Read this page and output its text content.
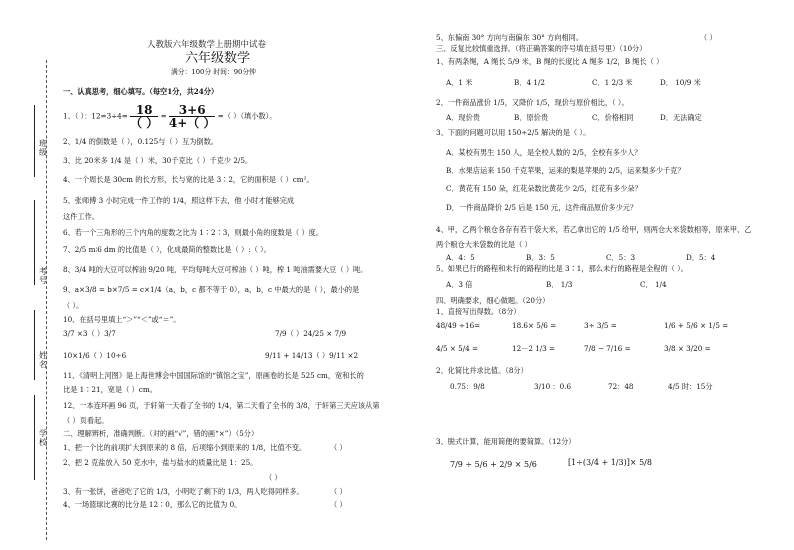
班级
考号
姓名
学校
人教版六年级数学上册期中试卷
六年级数学
满分：100分 时间：90分钟
一、认真思考，细心填写。（每空1分，共24分）
1、（ ）：$12=3\div 4= \frac{18}{( )} = \frac{3+6}{4+( )}$ =（ ）（填小数）。
2、1/4 的倒数是（ ），0.125与（ ）互为倒数。
3、比 20米多 1/4 是（ ）米，30千克比（ ）千克少 2/5。
4、一个周长是 30cm 的长方形，长与宽的比是 3∶2，它的面积是（ ）cm²。
5、张师傅 3 小时完成一件工作的 1/4，照这样下去，他 小时才能够完成
这件工作。
6、若一个三角形的三个内角的度数之比为 1∶2∶3，则最小角的度数是（ ）度。
7、2/5 m∶6 dm 的比值是（ ），化成最简的整数比是（ ）:（ ）。
8、3/4 吨的大豆可以榨油 9/20 吨，平均每吨大豆可榨油（ ）吨，榨 1 吨油需要大豆（ ）吨。
9、a×3/8 = b×7/5 = c×1/4（a，b，c 都不等于 0），a，b，c 中最大的是（ ），最小的是
（ ）。
10、在括号里填上“＞”“＜”或“＝”。
3/7 ×3（ ）3/7	7/9（ ）24/25 × 7/9
10×1/6（ ）10÷6	9/11 + 14/13（ ）9/11 ×2
11、《清明上河图》是上海世博会中国国际馆的“镇馆之宝”，原画卷的长是 525 cm，宽和长的
比是 1∶21，宽是（ ）cm。
12、一本连环画 96 页，于轩第一天看了全书的 1/4，第二天看了全书的 3/8，于轩第三天应该从第
（ ）页看起。
二、理解辨析，准确判断。（对的画“√”，错的画“×”）（5分）
1、把一个比的前项扩大到原来的 8 倍，后项缩小到原来的 1/8，比值不变。	（ ）
2、把 2 克盐放入 50 克水中，盐与盐水的质量比是 1：25。
（ ）
3、有一张饼，爸爸吃了它的 1/3，小明吃了剩下的 1/3，两人吃得同样多。	（ ）
4、一场篮球比赛的比分是 12∶0，那么它的比值为 0。	（ ）
5、东偏南 30° 方向与南偏东 30° 方向相同。	（ ）
三、反复比较慎重选择。（将正确答案的序号填在括号里）（10分）
1、有两条绳，A 绳长 5/9 米，B 绳的长度比 A 绳多 1/2，B 绳长（ ）
A．1 米	B．4 1/2	C．1 2/3 米	D． 10/9 米
2、一件商品涨价 1/5，又降价 1/5，现价与原价相比，（ ）。
A．现价贵	B．原价贵	C．价格相同	D．无法确定
3、下面的问题可以用 150÷2/5 解决的是（ ）。
A．某校有男生 150 人，是全校人数的 2/5，全校有多少人？
B．水果店运来 150 千克苹果，运来的梨是苹果的 2/5，运来梨多少千克？
C．黄花有 150 朵，红花朵数比黄花少 2/5，红花有多少朵？
D．一件商品降价 2/5 后是 150 元，这件商品原价多少元？
4、甲，乙两个粮仓各存有若干袋大米，若乙拿出它的 1/5 给甲，则两仓大米袋数相等，原来甲、乙
两个粮仓大米袋数的比是（ ）
A．4：5	B．3：5	C．5：3	D．5：4
5、如果已行的路程和未行的路程的比是 3∶1，那么未行的路程是全程的（ ）。
A．3 倍	B． 1/3	C． 1/4
四、明确要求，细心做题。（20分）
1、直接写出得数。（8分）
48/49 ÷16=	18.6× 5/6 =	3÷ 3/5 =	1/6 + 5/6 × 1/5 =
4/5 × 5/4 =	12－2 1/3 =	7/8 − 7/16 =	3/8 × 3/20 =
2、化简比并求比值。（8分）
0.75：9/8	3/10 ：0.6	72：48	4/5 时：15分
3、脱式计算，能用简便的要简算。（12分）
7/9 ÷ 5/6 + 2/9 × 5/6	[1÷(3/4 + 1/3)]× 5/8
